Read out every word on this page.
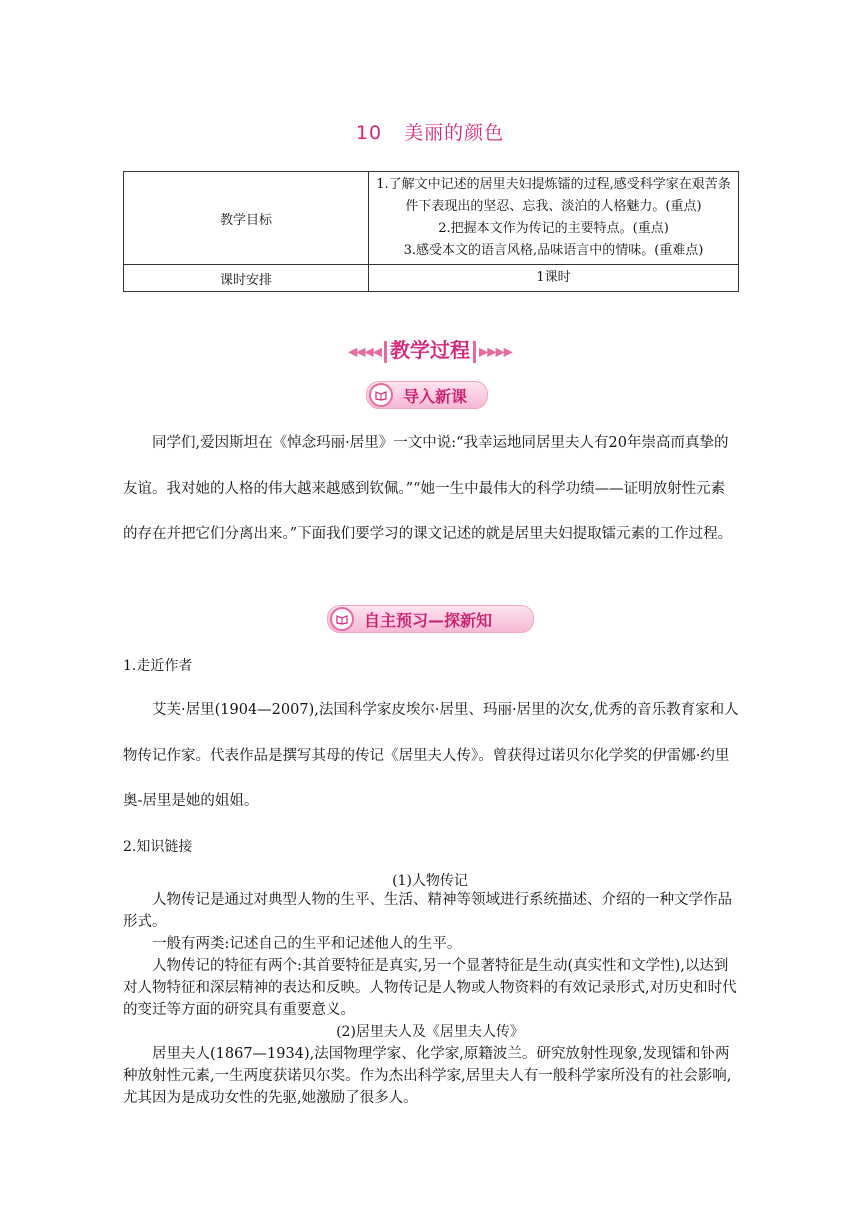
10 美丽的颜色
教学目标	1.了解文中记述的居里夫妇提炼镭的过程,感受科学家在艰苦条件下表现出的坚忍、忘我、淡泊的人格魅力。(重点)
2.把握本文作为传记的主要特点。(重点)
3.感受本文的语言风格,品味语言中的情味。(重难点)

课时安排	1课时
◀◀◀◀ 教学过程 ▶▶▶▶
导入新课
同学们,爱因斯坦在《悼念玛丽·居里》一文中说:“我幸运地同居里夫人有20年崇高而真挚的友谊。我对她的人格的伟大越来越感到钦佩。”“她一生中最伟大的科学功绩——证明放射性元素的存在并把它们分离出来。”下面我们要学习的课文记述的就是居里夫妇提取镭元素的工作过程。
自主预习—探新知
1.走近作者
艾芙·居里(1904—2007),法国科学家皮埃尔·居里、玛丽·居里的次女,优秀的音乐教育家和人物传记作家。代表作品是撰写其母的传记《居里夫人传》。曾获得过诺贝尔化学奖的伊雷娜·约里奥-居里是她的姐姐。
2.知识链接
(1)人物传记
人物传记是通过对典型人物的生平、生活、精神等领域进行系统描述、介绍的一种文学作品形式。
一般有两类:记述自己的生平和记述他人的生平。
人物传记的特征有两个:其首要特征是真实,另一个显著特征是生动(真实性和文学性),以达到对人物特征和深层精神的表达和反映。人物传记是人物或人物资料的有效记录形式,对历史和时代的变迁等方面的研究具有重要意义。
(2)居里夫人及《居里夫人传》
居里夫人(1867—1934),法国物理学家、化学家,原籍波兰。研究放射性现象,发现镭和钋两种放射性元素,一生两度获诺贝尔奖。作为杰出科学家,居里夫人有一般科学家所没有的社会影响,尤其因为是成功女性的先驱,她激励了很多人。
